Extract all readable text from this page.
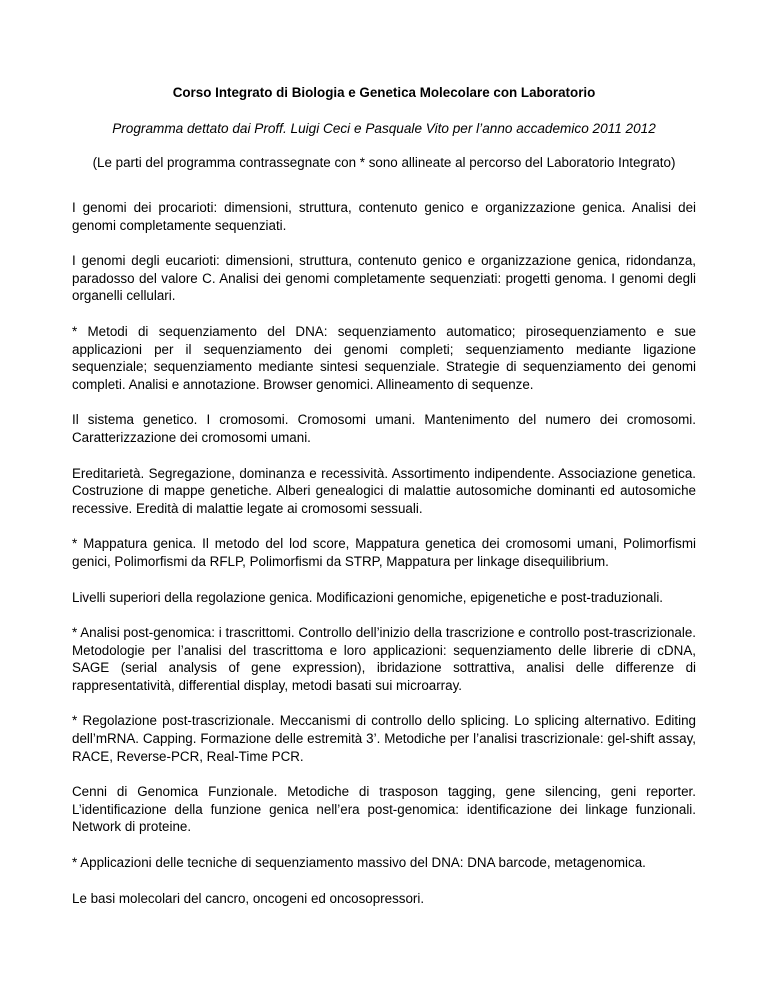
Corso Integrato di Biologia e Genetica Molecolare con Laboratorio
Programma dettato dai Proff. Luigi Ceci e Pasquale Vito per l’anno accademico 2011 2012
(Le parti del programma contrassegnate con * sono allineate al percorso del Laboratorio Integrato)

I genomi dei procarioti: dimensioni, struttura, contenuto genico e organizzazione genica. Analisi dei genomi completamente sequenziati.

I genomi degli eucarioti: dimensioni, struttura, contenuto genico e organizzazione genica, ridondanza, paradosso del valore C. Analisi dei genomi completamente sequenziati: progetti genoma. I genomi degli organelli cellulari.

* Metodi di sequenziamento del DNA: sequenziamento automatico; pirosequenziamento e sue applicazioni per il sequenziamento dei genomi completi; sequenziamento mediante ligazione sequenziale; sequenziamento mediante sintesi sequenziale. Strategie di sequenziamento dei genomi completi. Analisi e annotazione. Browser genomici. Allineamento di sequenze.

Il sistema genetico. I cromosomi. Cromosomi umani. Mantenimento del numero dei cromosomi. Caratterizzazione dei cromosomi umani.

Ereditarietà. Segregazione, dominanza e recessività. Assortimento indipendente. Associazione genetica. Costruzione di mappe genetiche. Alberi genealogici di malattie autosomiche dominanti ed autosomiche recessive. Eredità di malattie legate ai cromosomi sessuali.

* Mappatura genica. Il metodo del lod score, Mappatura genetica dei cromosomi umani, Polimorfismi genici, Polimorfismi da RFLP, Polimorfismi da STRP, Mappatura per linkage disequilibrium.

Livelli superiori della regolazione genica. Modificazioni genomiche, epigenetiche e post-traduzionali.

* Analisi post-genomica: i trascrittomi. Controllo dell’inizio della trascrizione e controllo post-trascrizionale. Metodologie per l’analisi del trascrittoma e loro applicazioni: sequenziamento delle librerie di cDNA, SAGE (serial analysis of gene expression), ibridazione sottrattiva, analisi delle differenze di rappresentatività, differential display, metodi basati sui microarray.

* Regolazione post-trascrizionale. Meccanismi di controllo dello splicing. Lo splicing alternativo. Editing dell’mRNA. Capping. Formazione delle estremità 3’. Metodiche per l’analisi trascrizionale: gel-shift assay, RACE, Reverse-PCR, Real-Time PCR.

Cenni di Genomica Funzionale. Metodiche di trasposon tagging, gene silencing, geni reporter. L’identificazione della funzione genica nell’era post-genomica: identificazione dei linkage funzionali. Network di proteine.

* Applicazioni delle tecniche di sequenziamento massivo del DNA: DNA barcode, metagenomica.

Le basi molecolari del cancro, oncogeni ed oncosopressori.
